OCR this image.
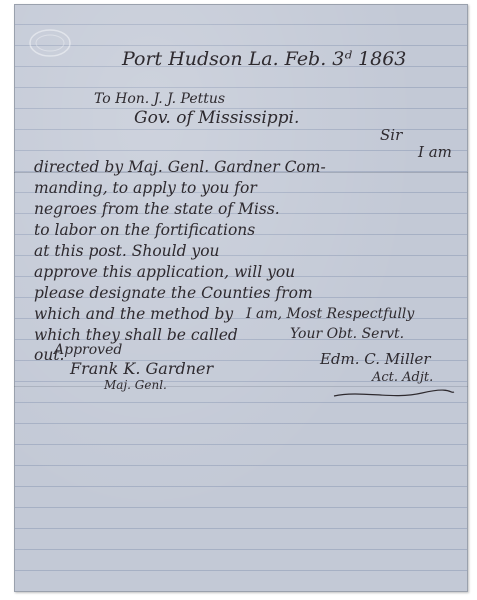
Port Hudson La. Feb. 3ᵈ 1863

To Hon. J. J. Pettus

Gov. of Mississippi.

Sir

I am

directed by Maj. Genl. Gardner Com-

manding, to apply to you for

negroes from the state of Miss.

to labor on the fortifications

at this post. Should you

approve this application, will you

please designate the Counties from

which and the method by

which they shall be called

out.

I am, Most Respectfully

Your Obt. Servt.

Edm. C. Miller

Act. Adjt.

Approved

Frank K. Gardner

Maj. Genl.
